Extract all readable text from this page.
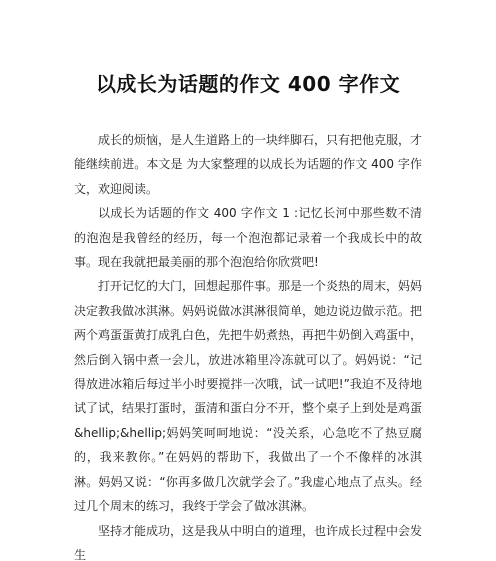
以成长为话题的作文 400 字作文

成长的烦恼，是人生道路上的一块绊脚石，只有把他克服，才能继续前进。本文是 为大家整理的以成长为话题的作文 400 字作文，欢迎阅读。

以成长为话题的作文 400 字作文 1 :记忆长河中那些数不清的泡泡是我曾经的经历，每一个泡泡都记录着一个我成长中的故事。现在我就把最美丽的那个泡泡给你欣赏吧!

打开记忆的大门，回想起那件事。那是一个炎热的周末，妈妈决定教我做冰淇淋。妈妈说做冰淇淋很简单，她边说边做示范。把两个鸡蛋蛋黄打成乳白色，先把牛奶煮热，再把牛奶倒入鸡蛋中，然后倒入锅中煮一会儿，放进冰箱里冷冻就可以了。妈妈说：“记得放进冰箱后每过半小时要搅拌一次哦，试一试吧!”我迫不及待地试了试，结果打蛋时，蛋清和蛋白分不开，整个桌子上到处是鸡蛋&hellip;&hellip;妈妈笑呵呵地说：“没关系，心急吃不了热豆腐的，我来教你。”在妈妈的帮助下，我做出了一个不像样的冰淇淋。妈妈又说：“你再多做几次就学会了。”我虚心地点了点头。经过几个周末的练习，我终于学会了做冰淇淋。

坚持才能成功，这是我从中明白的道理，也许成长过程中会发生
